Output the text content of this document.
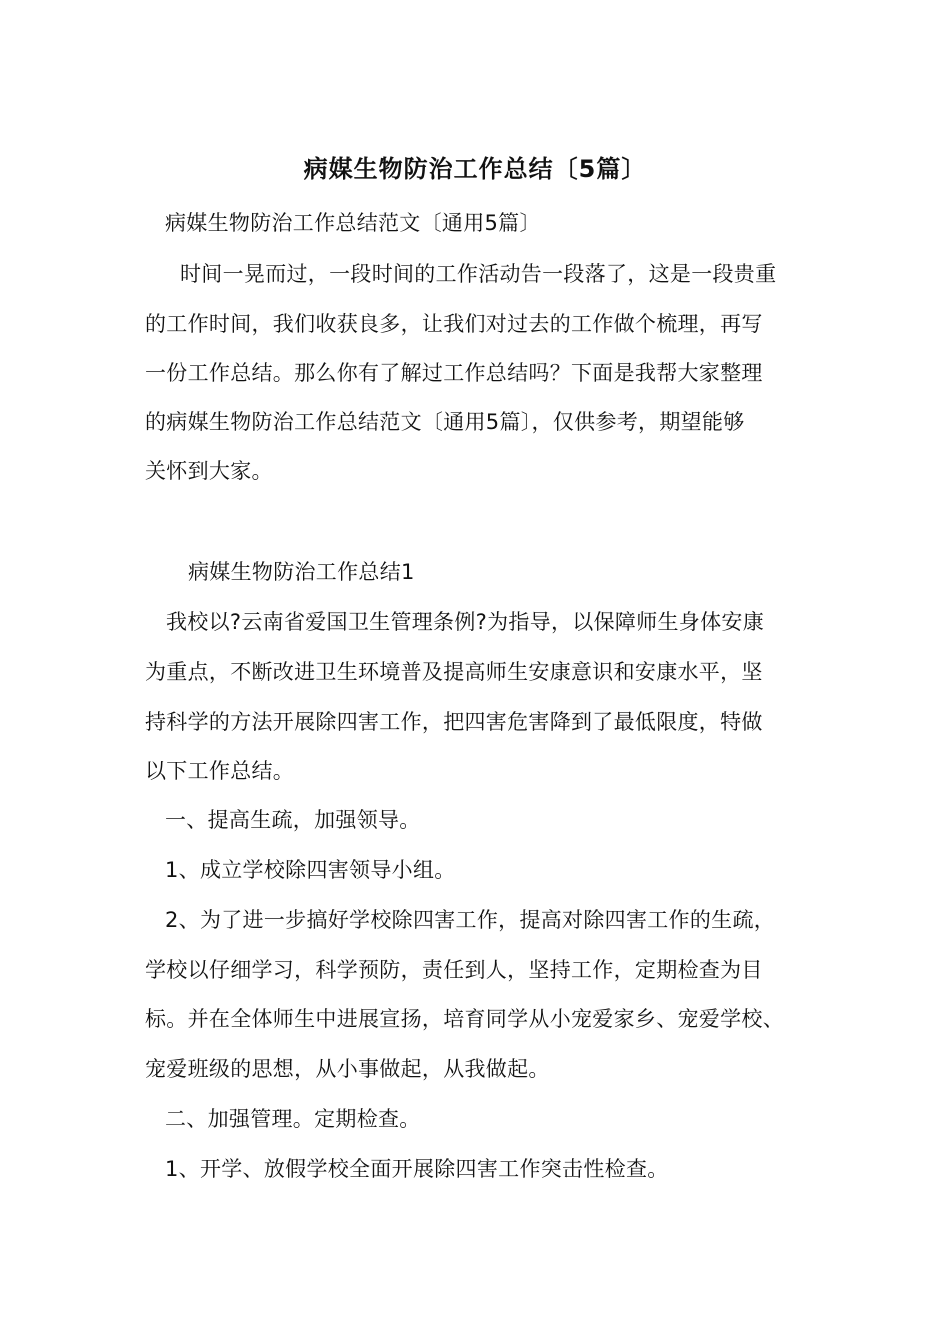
病媒生物防治工作总结〔5篇〕
病媒生物防治工作总结范文〔通用5篇〕
时间一晃而过，一段时间的工作活动告一段落了，这是一段贵重
的工作时间，我们收获良多，让我们对过去的工作做个梳理，再写
一份工作总结。那么你有了解过工作总结吗？下面是我帮大家整理
的病媒生物防治工作总结范文〔通用5篇〕，仅供参考，期望能够
关怀到大家。
病媒生物防治工作总结1
我校以?云南省爱国卫生管理条例?为指导，以保障师生身体安康
为重点，不断改进卫生环境普及提高师生安康意识和安康水平，坚
持科学的方法开展除四害工作，把四害危害降到了最低限度，特做
以下工作总结。
一、提高生疏，加强领导。
1、成立学校除四害领导小组。
2、为了进一步搞好学校除四害工作，提高对除四害工作的生疏，
学校以仔细学习，科学预防，责任到人，坚持工作，定期检查为目
标。并在全体师生中进展宣扬，培育同学从小宠爱家乡、宠爱学校、
宠爱班级的思想，从小事做起，从我做起。
二、加强管理。定期检查。
1、开学、放假学校全面开展除四害工作突击性检查。
